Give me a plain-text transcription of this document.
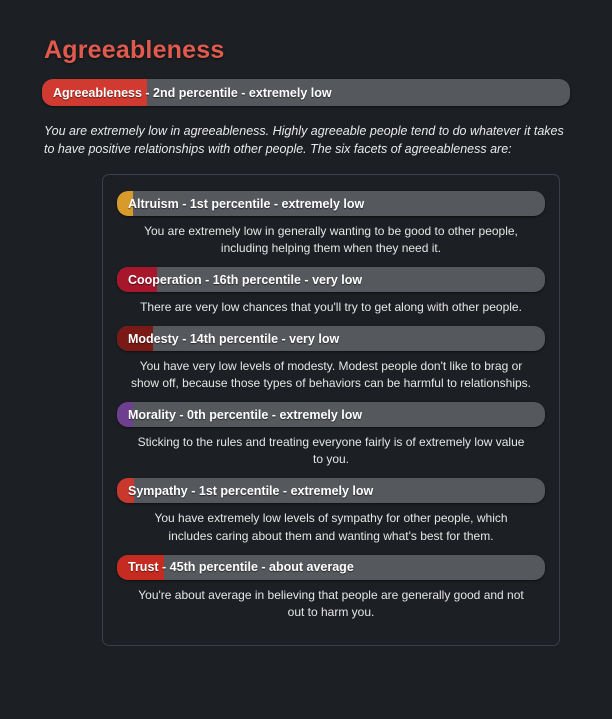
Agreeableness
Agreeableness - 2nd percentile - extremely low

You are extremely low in agreeableness. Highly agreeable people tend to do whatever it takes to have positive relationships with other people. The six facets of agreeableness are:

Altruism - 1st percentile - extremely low

You are extremely low in generally wanting to be good to other people, including helping them when they need it.

Cooperation - 16th percentile - very low

There are very low chances that you'll try to get along with other people.

Modesty - 14th percentile - very low

You have very low levels of modesty. Modest people don't like to brag or show off, because those types of behaviors can be harmful to relationships.

Morality - 0th percentile - extremely low

Sticking to the rules and treating everyone fairly is of extremely low value to you.

Sympathy - 1st percentile - extremely low

You have extremely low levels of sympathy for other people, which includes caring about them and wanting what's best for them.

Trust - 45th percentile - about average

You're about average in believing that people are generally good and not out to harm you.
